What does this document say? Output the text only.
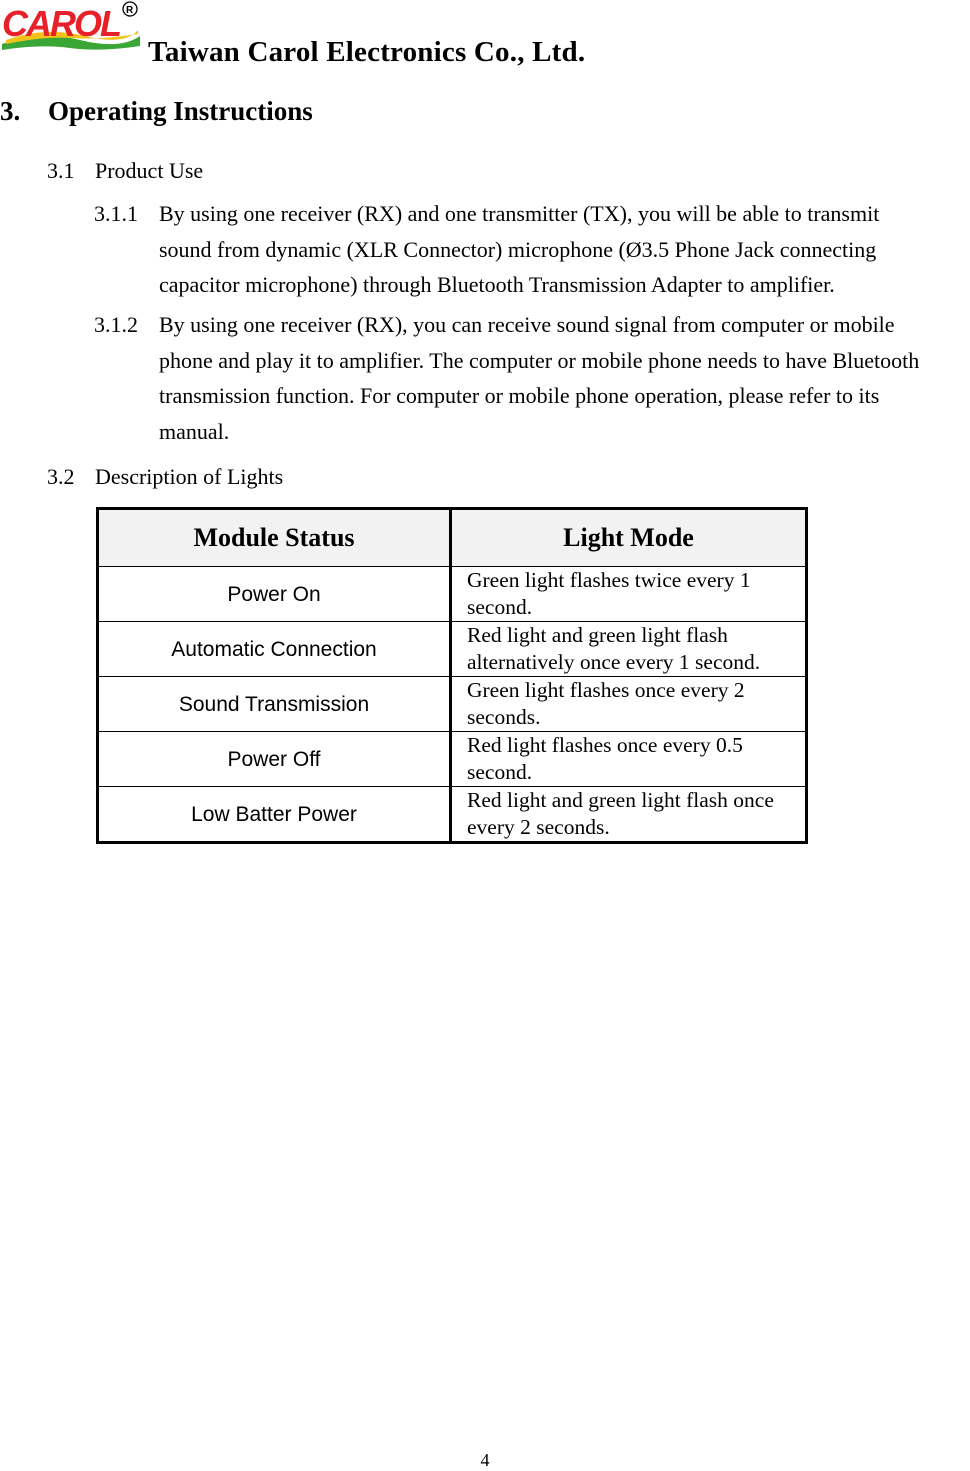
CAROL R
Taiwan Carol Electronics Co., Ltd.
3. Operating Instructions
3.1 Product Use
3.1.1 By using one receiver (RX) and one transmitter (TX), you will be able to transmit
sound from dynamic (XLR Connector) microphone (Ø3.5 Phone Jack connecting
capacitor microphone) through Bluetooth Transmission Adapter to amplifier.
3.1.2 By using one receiver (RX), you can receive sound signal from computer or mobile
phone and play it to amplifier. The computer or mobile phone needs to have Bluetooth
transmission function. For computer or mobile phone operation, please refer to its
manual.
3.2 Description of Lights
Module Status	Light Mode
Power On	Green light flashes twice every 1
second.

Automatic Connection	Red light and green light flash
alternatively once every 1 second.

Sound Transmission	Green light flashes once every 2
seconds.

Power Off	Red light flashes once every 0.5
second.

Low Batter Power	Red light and green light flash once
every 2 seconds.
4
